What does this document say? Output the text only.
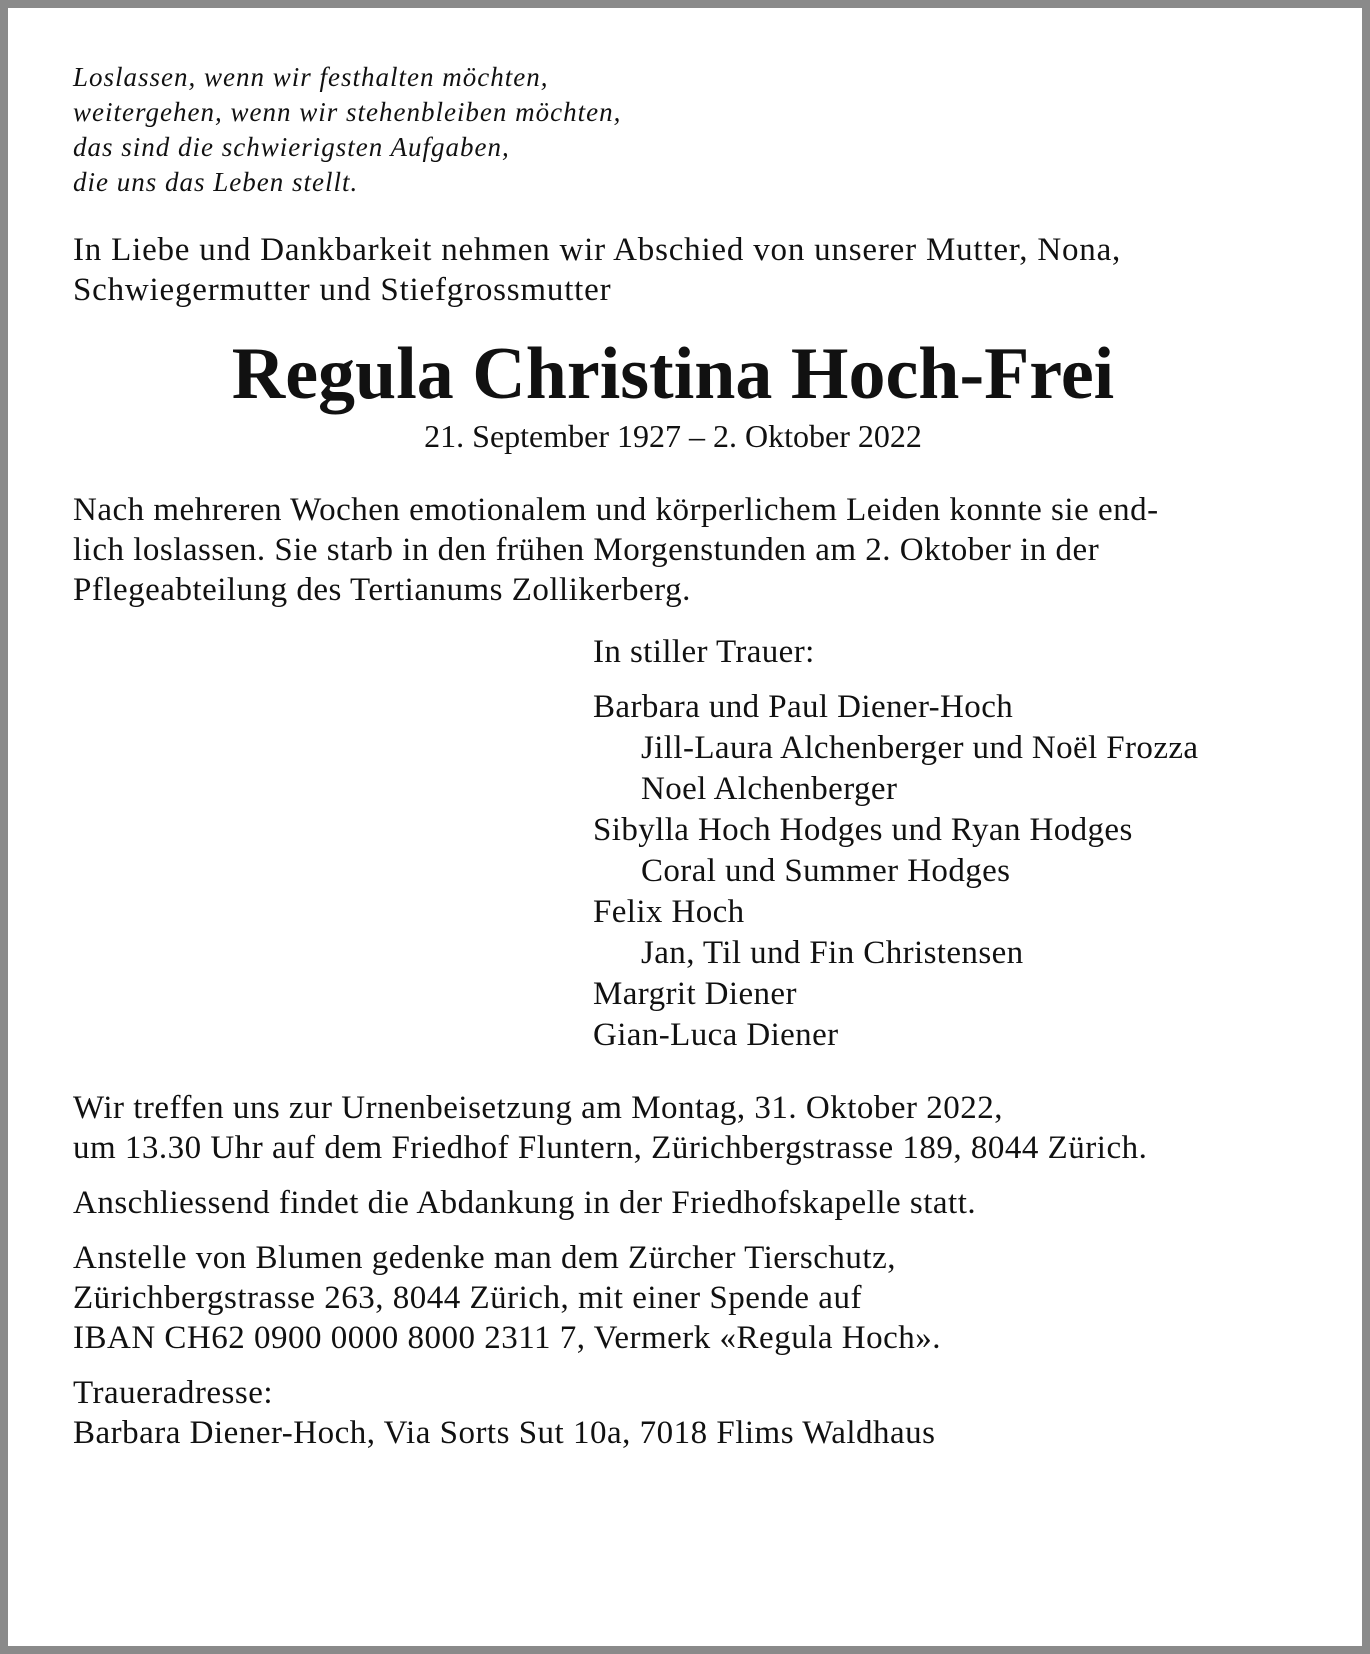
Loslassen, wenn wir festhalten möchten,
weitergehen, wenn wir stehenbleiben möchten,
das sind die schwierigsten Aufgaben,
die uns das Leben stellt.
In Liebe und Dankbarkeit nehmen wir Abschied von unserer Mutter, Nona,
Schwiegermutter und Stiefgrossmutter
Regula Christina Hoch-Frei
21. September 1927 – 2. Oktober 2022
Nach mehreren Wochen emotionalem und körperlichem Leiden konnte sie end-
lich loslassen. Sie starb in den frühen Morgenstunden am 2. Oktober in der
Pflegeabteilung des Tertianums Zollikerberg.
In stiller Trauer:
Barbara und Paul Diener-Hoch
Jill-Laura Alchenberger und Noël Frozza
Noel Alchenberger
Sibylla Hoch Hodges und Ryan Hodges
Coral und Summer Hodges
Felix Hoch
Jan, Til und Fin Christensen
Margrit Diener
Gian-Luca Diener
Wir treffen uns zur Urnenbeisetzung am Montag, 31. Oktober 2022,
um 13.30 Uhr auf dem Friedhof Fluntern, Zürichbergstrasse 189, 8044 Zürich.
Anschliessend findet die Abdankung in der Friedhofskapelle statt.
Anstelle von Blumen gedenke man dem Zürcher Tierschutz,
Zürichbergstrasse 263, 8044 Zürich, mit einer Spende auf
IBAN CH62 0900 0000 8000 2311 7, Vermerk «Regula Hoch».
Traueradresse:
Barbara Diener-Hoch, Via Sorts Sut 10a, 7018 Flims Waldhaus
